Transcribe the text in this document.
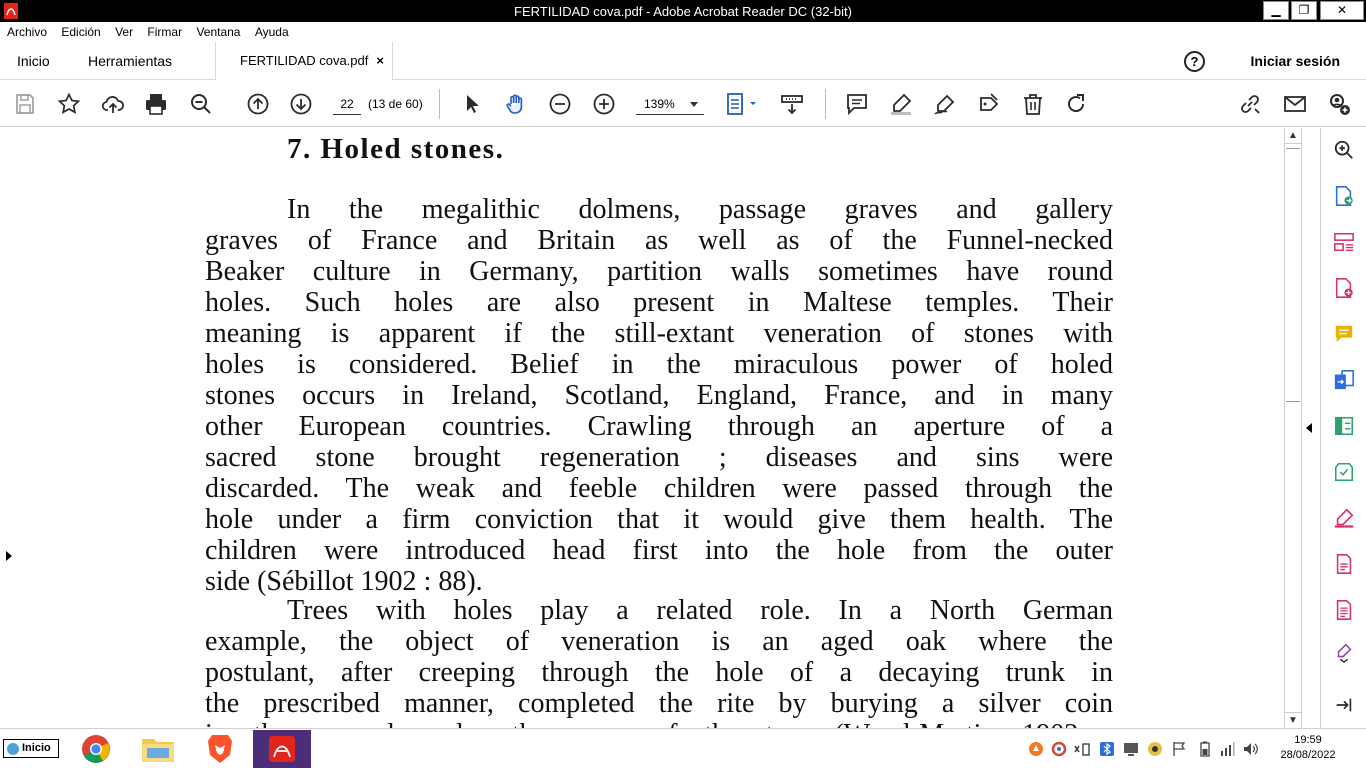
FERTILIDAD cova.pdf - Adobe Acrobat Reader DC (32-bit)	▁	❐	✕
Archivo Edición Ver Firmar Ventana Ayuda
Inicio	Herramientas	FERTILIDAD cova.pdf ×	?	Iniciar sesión
22	(13 de 60)	139%
7. Holed stones.
In the megalithic dolmens, passage graves and gallery
graves of France and Britain as well as of the Funnel-necked
Beaker culture in Germany, partition walls sometimes have round
holes. Such holes are also present in Maltese temples. Their
meaning is apparent if the still-extant veneration of stones with
holes is considered. Belief in the miraculous power of holed
stones occurs in Ireland, Scotland, England, France, and in many
other European countries. Crawling through an aperture of a
sacred stone brought regeneration ; diseases and sins were
discarded. The weak and feeble children were passed through the
hole under a firm conviction that it would give them health. The
children were introduced head first into the hole from the outer
side (Sébillot 1902 : 88).
Trees with holes play a related role. In a North German
example, the object of veneration is an aged oak where the
postulant, after creeping through the hole of a decaying trunk in
the prescribed manner, completed the rite by burying a silver coin
▲
▼
Inicio
19:59
28/08/2022
